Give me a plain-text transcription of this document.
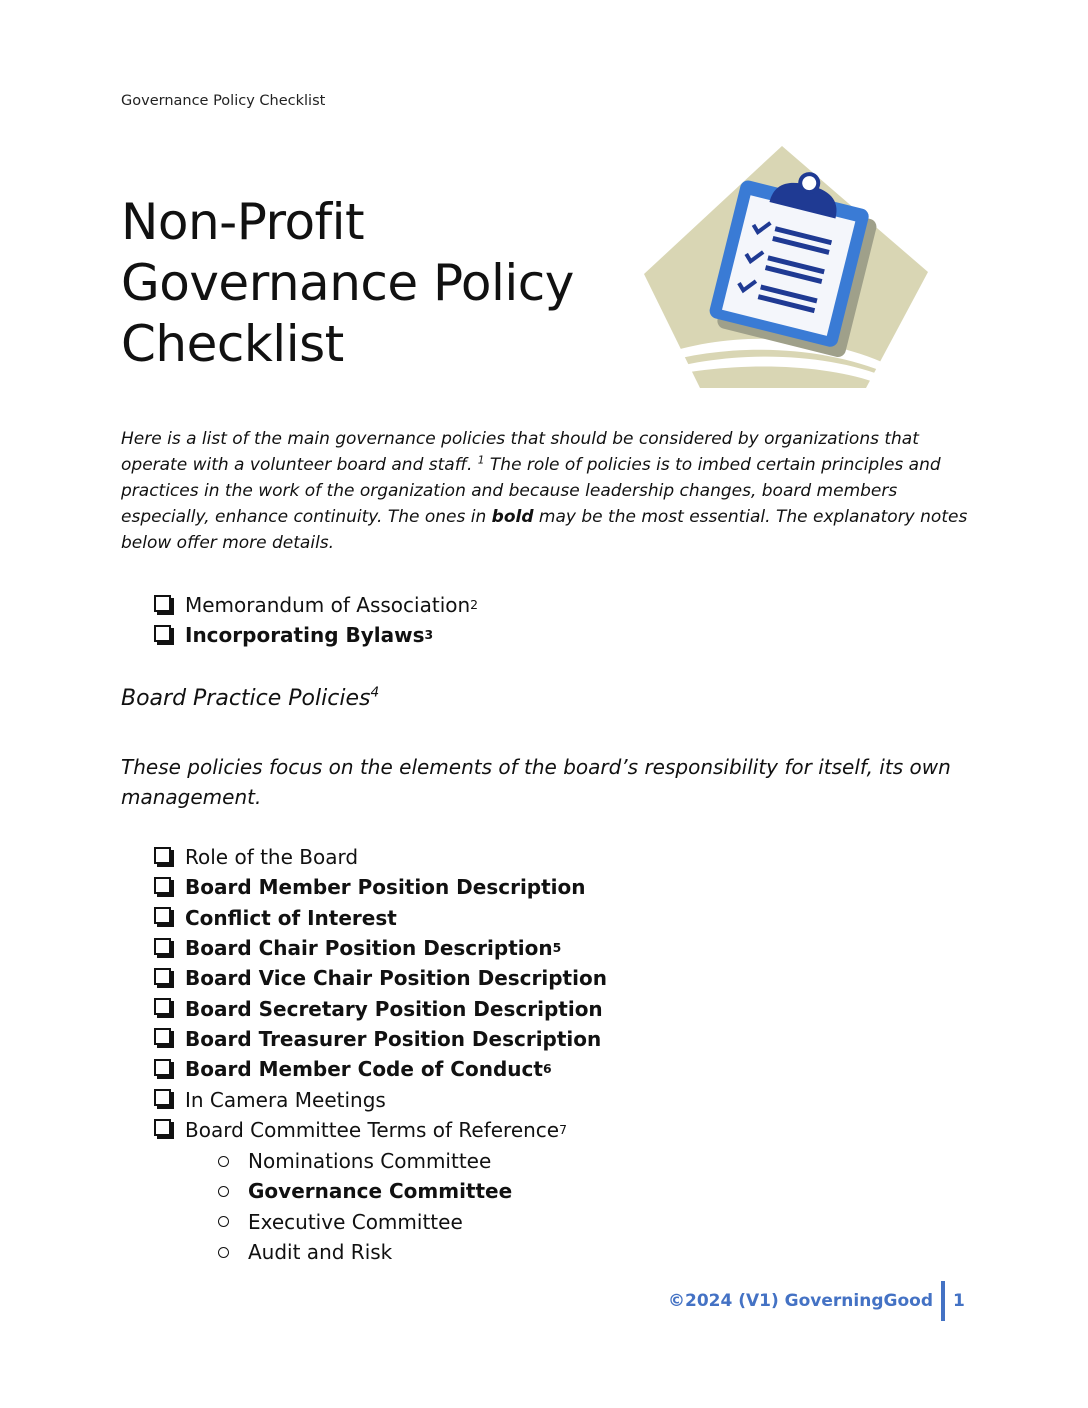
Governance Policy Checklist
Non-Profit
Governance Policy
Checklist

Here is a list of the main governance policies that should be considered by organizations that operate with a volunteer board and staff. $^1$ The role of policies is to imbed certain principles and practices in the work of the organization and because leadership changes, board members especially, enhance continuity. The ones in bold may be the most essential. The explanatory notes below offer more details.

Memorandum of Association 2
Incorporating Bylaws 3
Board Practice Policies$^4$

These policies focus on the elements of the board’s responsibility for itself, its own management.

Role of the Board
Board Member Position Description
Conflict of Interest
Board Chair Position Description 5
Board Vice Chair Position Description
Board Secretary Position Description
Board Treasurer Position Description
Board Member Code of Conduct 6
In Camera Meetings
Board Committee Terms of Reference 7
Nominations Committee
Governance Committee
Executive Committee
Audit and Risk
©2024 (V1) GoverningGood 1
